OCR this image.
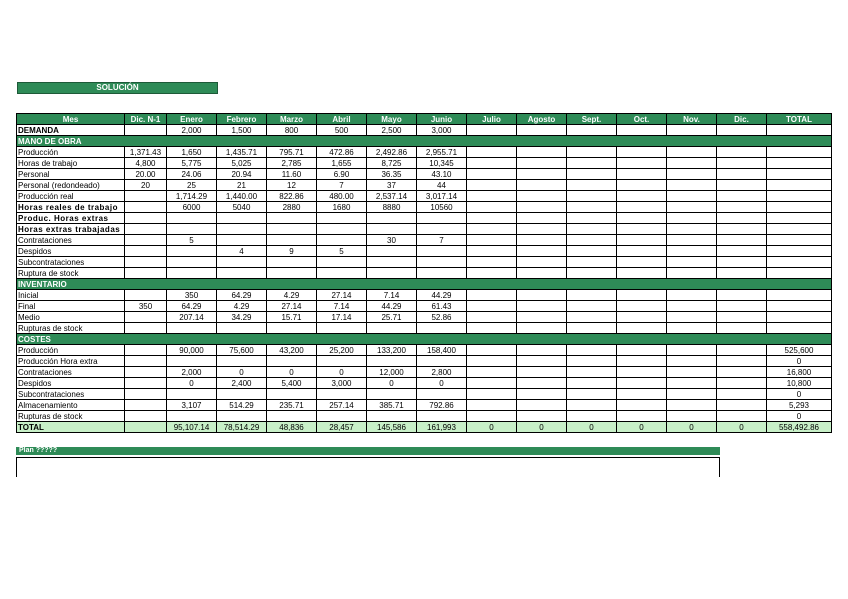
SOLUCIÓN
Mes	Dic. N-1	Enero	Febrero	Marzo	Abril	Mayo	Junio	Julio	Agosto	Sept.	Oct.	Nov.	Dic.	TOTAL
DEMANDA		2,000	1,500	800	500	2,500	3,000							
MANO DE OBRA														
Producción	1,371.43	1,650	1,435.71	795.71	472.86	2,492.86	2,955.71							
Horas de trabajo	4,800	5,775	5,025	2,785	1,655	8,725	10,345							
Personal	20.00	24.06	20.94	11.60	6.90	36.35	43.10							
Personal (redondeado)	20	25	21	12	7	37	44							
Producción real		1,714.29	1,440.00	822.86	480.00	2,537.14	3,017.14							
Horas reales de trabajo		6000	5040	2880	1680	8880	10560							
Produc. Horas extras														
Horas extras trabajadas														
Contrataciones		5				30	7							
Despidos			4	9	5									
Subcontrataciones														
Ruptura de stock														
INVENTARIO														
Inicial		350	64.29	4.29	27.14	7.14	44.29							
Final	350	64.29	4.29	27.14	7.14	44.29	61.43							
Medio		207.14	34.29	15.71	17.14	25.71	52.86							
Rupturas de stock														
COSTES														
Producción		90,000	75,600	43,200	25,200	133,200	158,400							525,600
Producción Hora extra														0
Contrataciones		2,000	0	0	0	12,000	2,800							16,800
Despidos		0	2,400	5,400	3,000	0	0							10,800
Subcontrataciones														0
Almacenamiento		3,107	514.29	235.71	257.14	385.71	792.86							5,293
Rupturas de stock														0
TOTAL		95,107.14	78,514.29	48,836	28,457	145,586	161,993	0	0	0	0	0	0	558,492.86
Plan ?????
